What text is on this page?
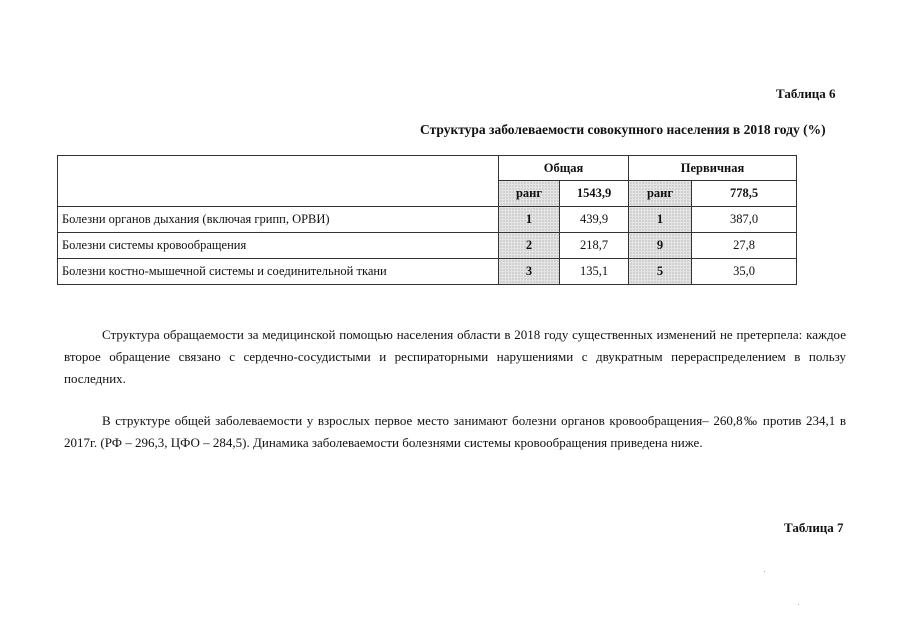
Таблица 6
Структура заболеваемости совокупного населения в 2018 году (%)
	Общая		Первичная	
	ранг	1543,9	ранг	778,5
Болезни органов дыхания (включая грипп, ОРВИ)	1	439,9	1	387,0
Болезни системы кровообращения	2	218,7	9	27,8
Болезни костно-мышечной системы и соединительной ткани	3	135,1	5	35,0
Структура обращаемости за медицинской помощью населения области в 2018 году существенных изменений не претерпела: каждое второе обращение связано с сердечно-сосудистыми и респираторными нарушениями с двукратным перераспределением в пользу последних.
В структуре общей заболеваемости у взрослых первое место занимают болезни органов кровообращения– 260,8‰ против 234,1 в 2017г. (РФ – 296,3, ЦФО – 284,5). Динамика заболеваемости болезнями системы кровообращения приведена ниже.
Таблица 7
